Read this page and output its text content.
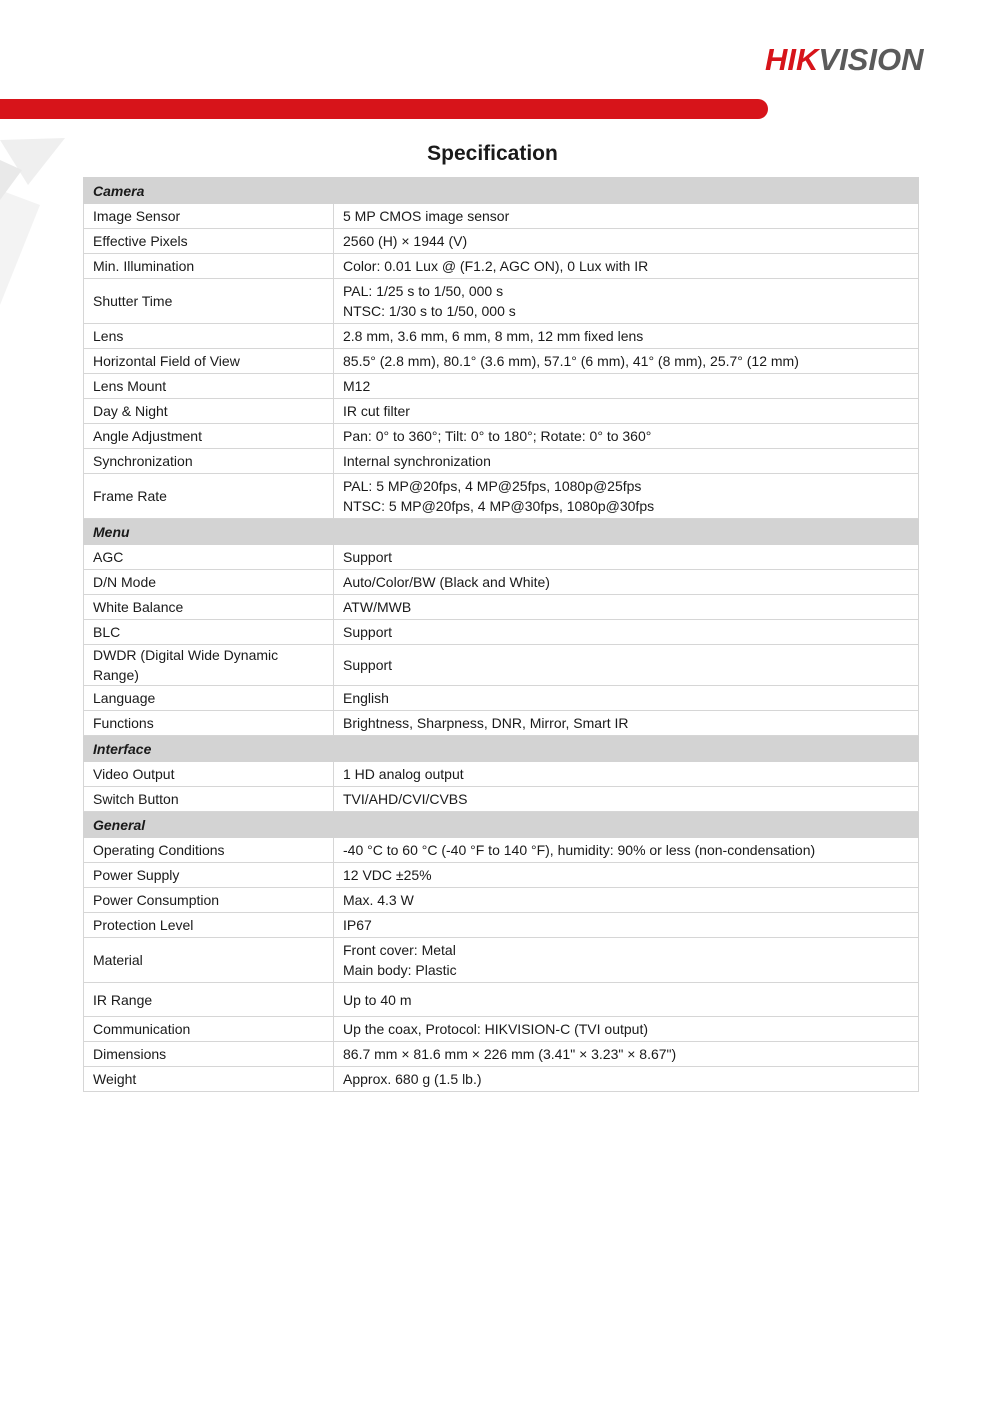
HIKVISION
Specification
Camera	
Image Sensor	5 MP CMOS image sensor

Effective Pixels	2560 (H) × 1944 (V)

Min. Illumination	Color: 0.01 Lux @ (F1.2, AGC ON), 0 Lux with IR

Shutter Time	PAL: 1/25 s to 1/50, 000 s
NTSC: 1/30 s to 1/50, 000 s

Lens	2.8 mm, 3.6 mm, 6 mm, 8 mm, 12 mm fixed lens

Horizontal Field of View	85.5° (2.8 mm), 80.1° (3.6 mm), 57.1° (6 mm), 41° (8 mm), 25.7° (12 mm)

Lens Mount	M12

Day & Night	IR cut filter

Angle Adjustment	Pan: 0° to 360°; Tilt: 0° to 180°; Rotate: 0° to 360°

Synchronization	Internal synchronization

Frame Rate	PAL: 5 MP@20fps, 4 MP@25fps, 1080p@25fps
NTSC: 5 MP@20fps, 4 MP@30fps, 1080p@30fps

Menu	
AGC	Support

D/N Mode	Auto/Color/BW (Black and White)

White Balance	ATW/MWB

BLC	Support

DWDR (Digital Wide Dynamic Range)	Support

Language	English

Functions	Brightness, Sharpness, DNR, Mirror, Smart IR

Interface	
Video Output	1 HD analog output

Switch Button	TVI/AHD/CVI/CVBS

General	
Operating Conditions	-40 °C to 60 °C (-40 °F to 140 °F), humidity: 90% or less (non-condensation)

Power Supply	12 VDC ±25%

Power Consumption	Max. 4.3 W

Protection Level	IP67

Material	Front cover: Metal
Main body: Plastic

IR Range	Up to 40 m

Communication	Up the coax, Protocol: HIKVISION-C (TVI output)

Dimensions	86.7 mm × 81.6 mm × 226 mm (3.41" × 3.23" × 8.67")

Weight	Approx. 680 g (1.5 lb.)
